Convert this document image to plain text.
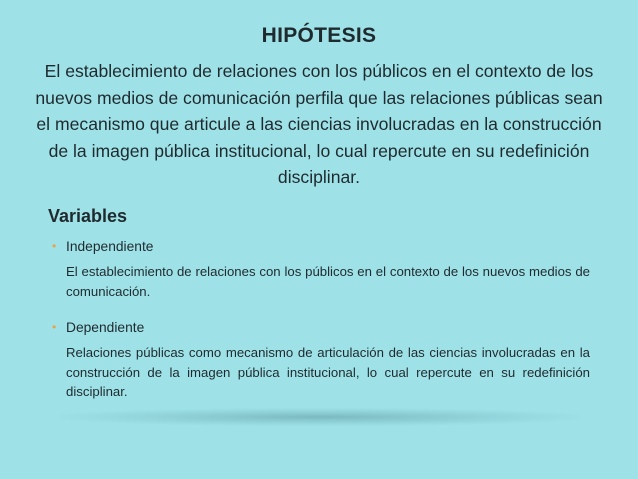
HIPÓTESIS
El establecimiento de relaciones con los públicos en el contexto de los nuevos medios de comunicación perfila que las relaciones públicas sean el mecanismo que articule a las ciencias involucradas en la construcción de la imagen pública institucional, lo cual repercute en su redefinición disciplinar.
Variables
• Independiente
El establecimiento de relaciones con los públicos en el contexto de los nuevos medios de comunicación.
• Dependiente
Relaciones públicas como mecanismo de articulación de las ciencias involucradas en la construcción de la imagen pública institucional, lo cual repercute en su redefinición disciplinar.
